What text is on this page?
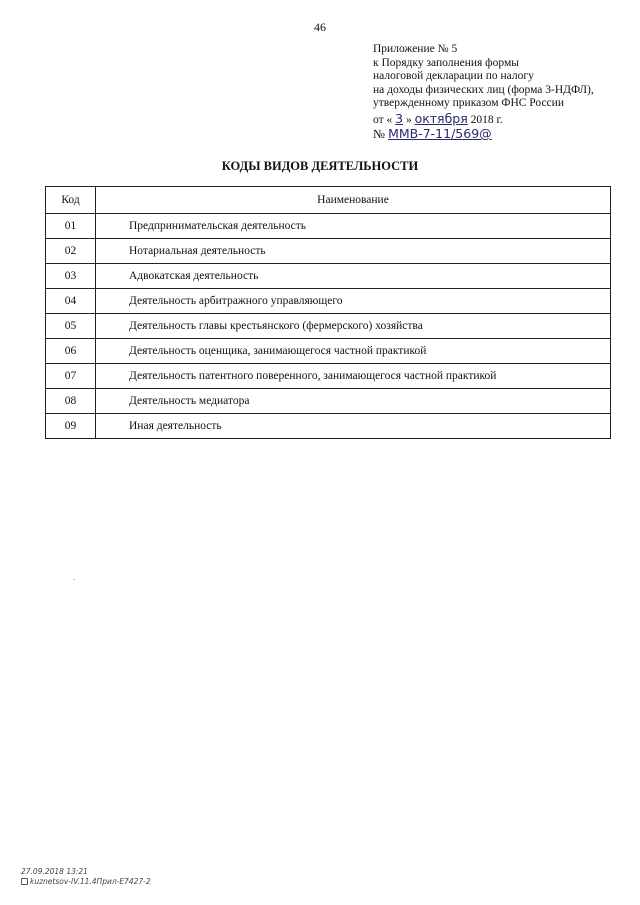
46
Приложение № 5
к Порядку заполнения формы
налоговой декларации по налогу
на доходы физических лиц (форма 3-НДФЛ),
утвержденному приказом ФНС России
от « 3 » октября 2018 г.
№ ММВ-7-11/569@
КОДЫ ВИДОВ ДЕЯТЕЛЬНОСТИ
Код	Наименование
01	Предпринимательская деятельность
02	Нотариальная деятельность
03	Адвокатская деятельность
04	Деятельность арбитражного управляющего
05	Деятельность главы крестьянского (фермерского) хозяйства
06	Деятельность оценщика, занимающегося частной практикой
07	Деятельность патентного поверенного, занимающегося частной практикой
08	Деятельность медиатора
09	Иная деятельность
27.09.2018 13:21
kuznetsov-IV.11.4Прил-E7427-2
